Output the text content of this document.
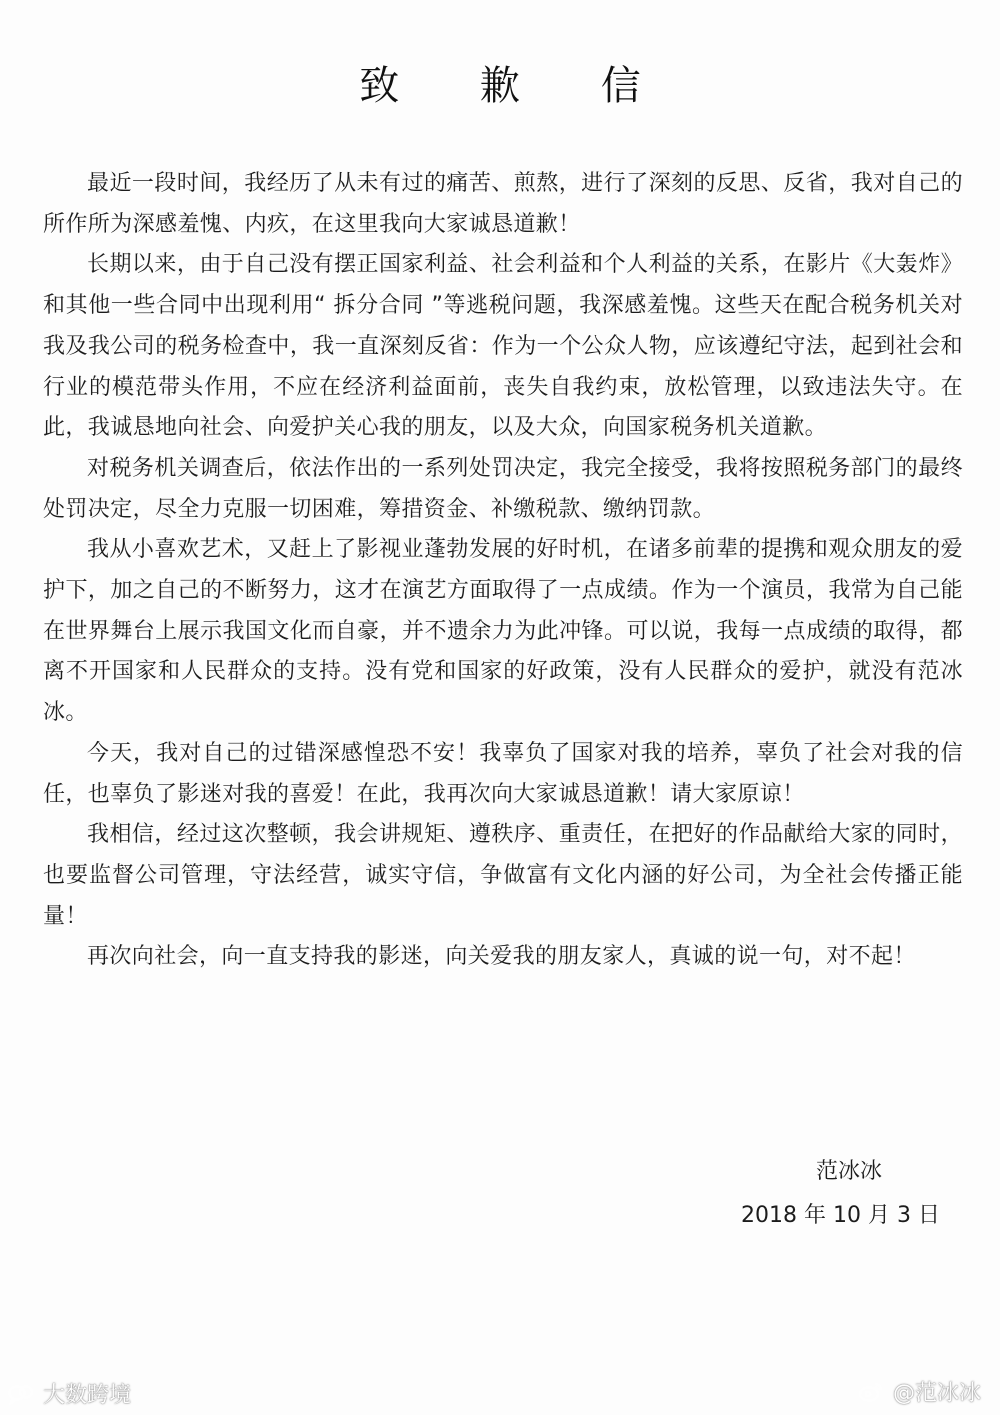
致 歉 信

最近一段时间，我经历了从未有过的痛苦、煎熬，进行了深刻的反思、反省，我对自己的所作所为深感羞愧、内疚，在这里我向大家诚恳道歉！

长期以来，由于自己没有摆正国家利益、社会利益和个人利益的关系，在影片《大轰炸》和其他一些合同中出现利用“ 拆分合同 ”等逃税问题，我深感羞愧。这些天在配合税务机关对我及我公司的税务检查中，我一直深刻反省：作为一个公众人物，应该遵纪守法，起到社会和行业的模范带头作用，不应在经济利益面前，丧失自我约束，放松管理，以致违法失守。在此，我诚恳地向社会、向爱护关心我的朋友，以及大众，向国家税务机关道歉。

对税务机关调查后，依法作出的一系列处罚决定，我完全接受，我将按照税务部门的最终处罚决定，尽全力克服一切困难，筹措资金、补缴税款、缴纳罚款。

我从小喜欢艺术，又赶上了影视业蓬勃发展的好时机，在诸多前辈的提携和观众朋友的爱护下，加之自己的不断努力，这才在演艺方面取得了一点成绩。作为一个演员，我常为自己能在世界舞台上展示我国文化而自豪，并不遗余力为此冲锋。可以说，我每一点成绩的取得，都离不开国家和人民群众的支持。没有党和国家的好政策，没有人民群众的爱护，就没有范冰冰。

今天，我对自己的过错深感惶恐不安！我辜负了国家对我的培养，辜负了社会对我的信任，也辜负了影迷对我的喜爱！在此，我再次向大家诚恳道歉！请大家原谅！

我相信，经过这次整顿，我会讲规矩、遵秩序、重责任，在把好的作品献给大家的同时，也要监督公司管理，守法经营，诚实守信，争做富有文化内涵的好公司，为全社会传播正能量！

再次向社会，向一直支持我的影迷，向关爱我的朋友家人，真诚的说一句，对不起！

范冰冰
2018 年 10 月 3 日
大数跨境	@范冰冰
